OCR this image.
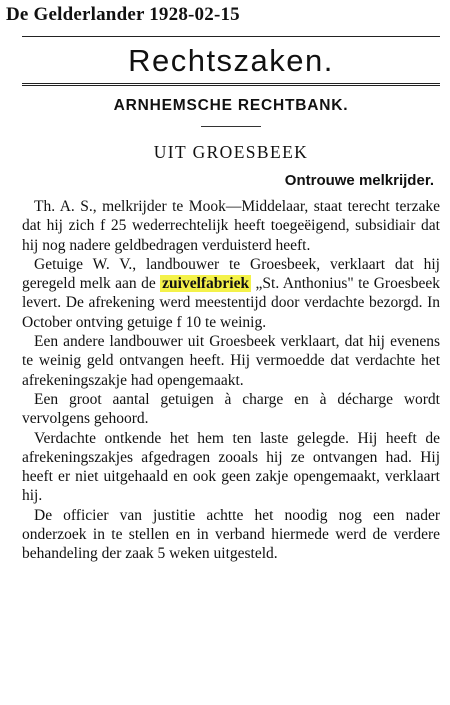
De Gelderlander 1928-02-15
Rechtszaken.
ARNHEMSCHE RECHTBANK.
UIT GROESBEEK
Ontrouwe melkrijder.

Th. A. S., melkrijder te Mook—Middelaar, staat terecht terzake dat hij zich f 25 wederrechtelijk heeft toegeëigend, subsidiair dat hij nog nadere geldbedragen verduisterd heeft.

Getuige W. V., landbouwer te Groesbeek, verklaart dat hij geregeld melk aan de zuivelfabriek „St. Anthonius" te Groesbeek levert. De afrekening werd meestentijd door verdachte bezorgd. In October ontving getuige f 10 te weinig.

Een andere landbouwer uit Groesbeek verklaart, dat hij evenens te weinig geld ontvangen heeft. Hij vermoedde dat verdachte het afrekeningszakje had opengemaakt.

Een groot aantal getuigen à charge en à décharge wordt vervolgens gehoord.

Verdachte ontkende het hem ten laste gelegde. Hij heeft de afrekeningszakjes afgedragen zooals hij ze ontvangen had. Hij heeft er niet uitgehaald en ook geen zakje opengemaakt, verklaart hij.

De officier van justitie achtte het noodig nog een nader onderzoek in te stellen en in verband hiermede werd de verdere behandeling der zaak 5 weken uitgesteld.
